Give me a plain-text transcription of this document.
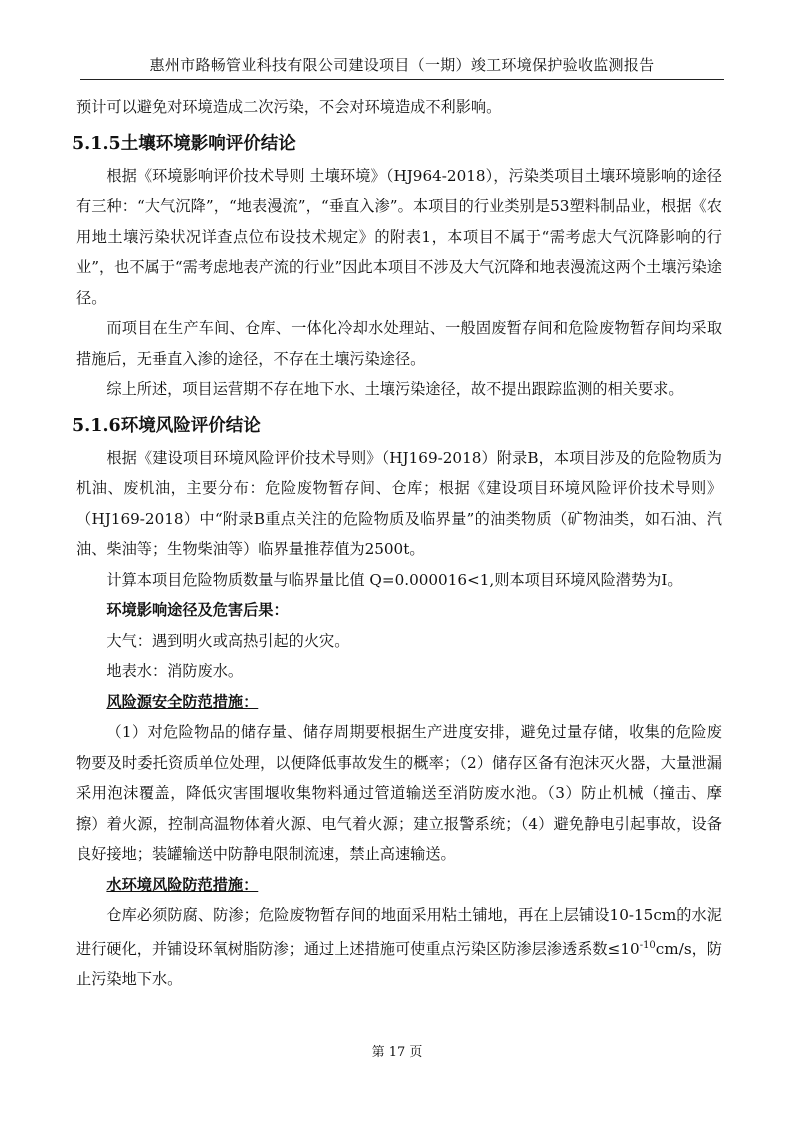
惠州市路畅管业科技有限公司建设项目（一期）竣工环境保护验收监测报告

预计可以避免对环境造成二次污染，不会对环境造成不利影响。

5.1.5土壤环境影响评价结论

根据《环境影响评价技术导则 土壤环境》（HJ964-2018），污染类项目土壤环境影响的途径有三种：“大气沉降”，“地表漫流”，“垂直入渗”。本项目的行业类别是53塑料制品业，根据《农用地土壤污染状况详查点位布设技术规定》的附表1，本项目不属于“需考虑大气沉降影响的行业”，也不属于“需考虑地表产流的行业”因此本项目不涉及大气沉降和地表漫流这两个土壤污染途径。

而项目在生产车间、仓库、一体化冷却水处理站、一般固废暂存间和危险废物暂存间均采取措施后，无垂直入渗的途径，不存在土壤污染途径。

综上所述，项目运营期不存在地下水、土壤污染途径，故不提出跟踪监测的相关要求。

5.1.6环境风险评价结论

根据《建设项目环境风险评价技术导则》（HJ169-2018）附录B，本项目涉及的危险物质为机油、废机油，主要分布：危险废物暂存间、仓库；根据《建设项目环境风险评价技术导则》（HJ169-2018）中“附录B重点关注的危险物质及临界量”的油类物质（矿物油类，如石油、汽油、柴油等；生物柴油等）临界量推荐值为2500t。

计算本项目危险物质数量与临界量比值 Q=0.000016<1,则本项目环境风险潜势为Ⅰ。

环境影响途径及危害后果：

大气：遇到明火或高热引起的火灾。

地表水：消防废水。

风险源安全防范措施：

（1）对危险物品的储存量、储存周期要根据生产进度安排，避免过量存储，收集的危险废物要及时委托资质单位处理，以便降低事故发生的概率；（2）储存区备有泡沫灭火器，大量泄漏采用泡沫覆盖，降低灾害围堰收集物料通过管道输送至消防废水池。（3）防止机械（撞击、摩擦）着火源，控制高温物体着火源、电气着火源；建立报警系统；（4）避免静电引起事故，设备良好接地；装罐输送中防静电限制流速，禁止高速输送。

水环境风险防范措施：

仓库必须防腐、防渗；危险废物暂存间的地面采用粘土铺地，再在上层铺设10-15cm的水泥进行硬化，并铺设环氧树脂防渗；通过上述措施可使重点污染区防渗层渗透系数$\le 10^{-10}cm/s$，防止污染地下水。

第 17 页
